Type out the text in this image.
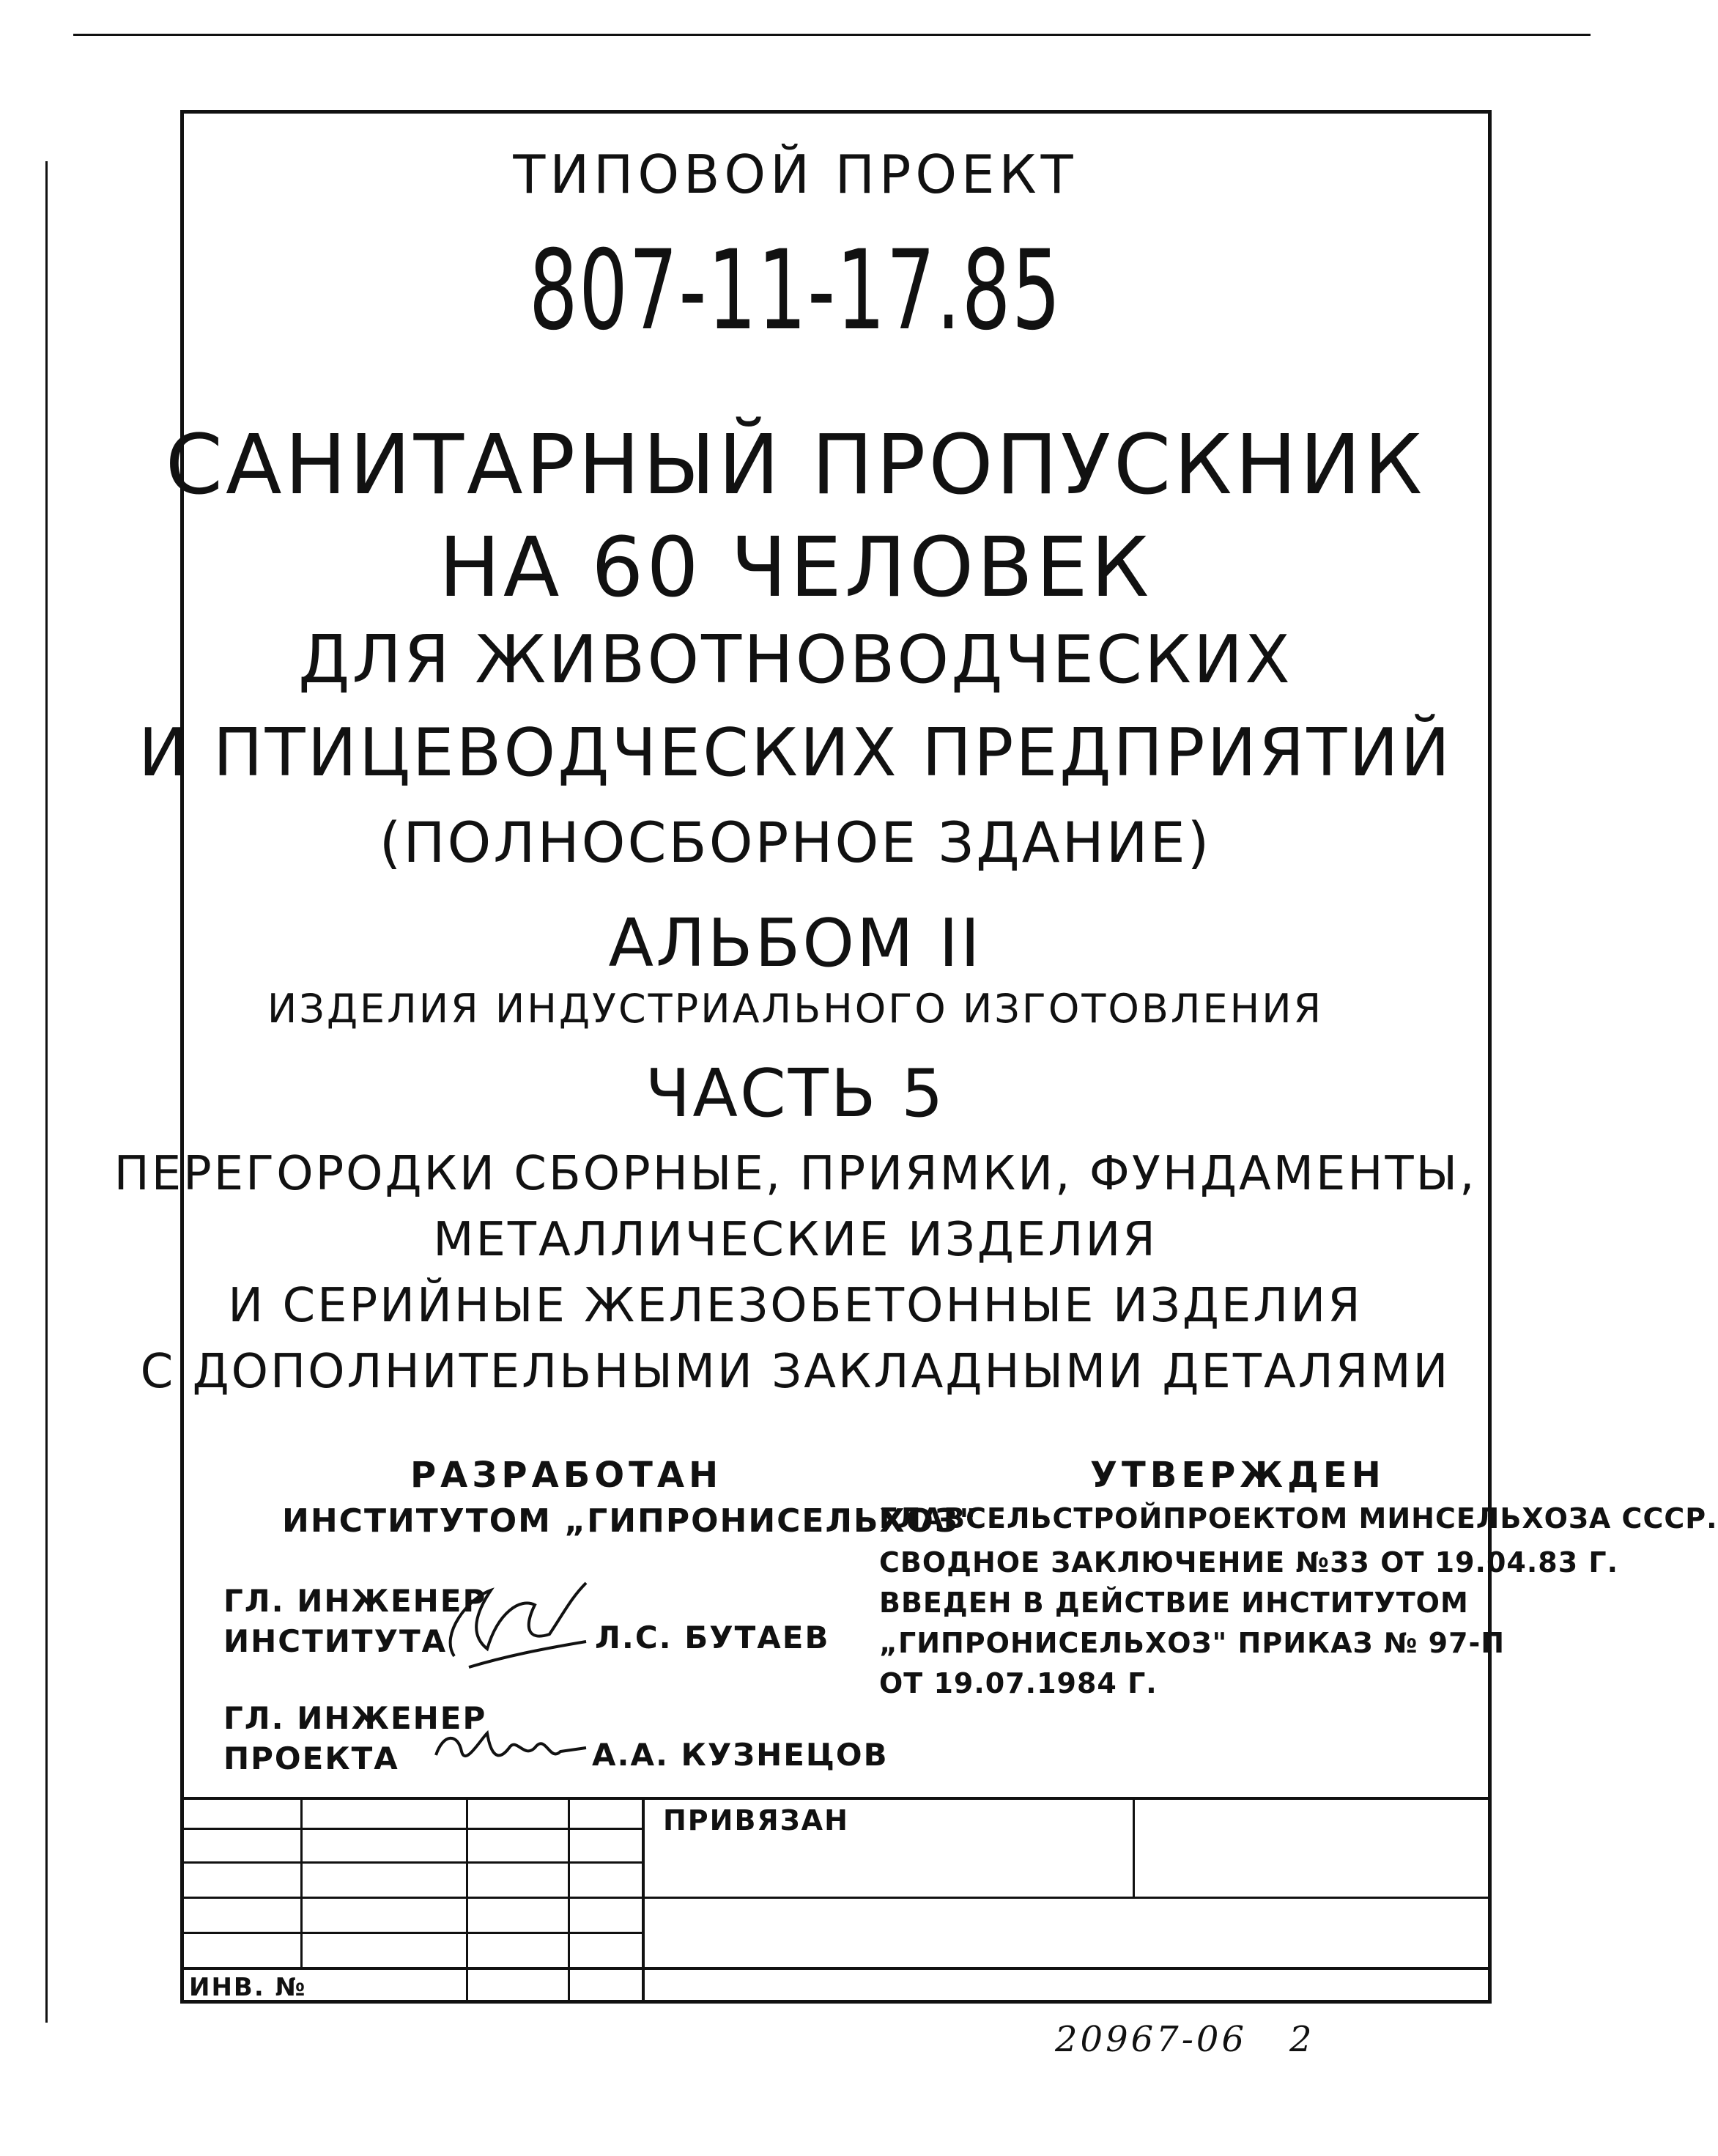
ТИПОВОЙ ПРОЕКТ
807-11-17.85
САНИТАРНЫЙ ПРОПУСКНИК
НА 60 ЧЕЛОВЕК
ДЛЯ ЖИВОТНОВОДЧЕСКИХ
И ПТИЦЕВОДЧЕСКИХ ПРЕДПРИЯТИЙ
(ПОЛНОСБОРНОЕ ЗДАНИЕ)
АЛЬБОМ II
ИЗДЕЛИЯ ИНДУСТРИАЛЬНОГО ИЗГОТОВЛЕНИЯ
ЧАСТЬ 5
ПЕРЕГОРОДКИ СБОРНЫЕ, ПРИЯМКИ, ФУНДАМЕНТЫ,
МЕТАЛЛИЧЕСКИЕ ИЗДЕЛИЯ
И СЕРИЙНЫЕ ЖЕЛЕЗОБЕТОННЫЕ ИЗДЕЛИЯ
С ДОПОЛНИТЕЛЬНЫМИ ЗАКЛАДНЫМИ ДЕТАЛЯМИ
РАЗРАБОТАН
ИНСТИТУТОМ „ГИПРОНИСЕЛЬХОЗ"
ГЛ. ИНЖЕНЕР
ИНСТИТУТА	Л.С. БУТАЕВ
ГЛ. ИНЖЕНЕР
ПРОЕКТА	А.А. КУЗНЕЦОВ
УТВЕРЖДЕН
ГЛАВСЕЛЬСТРОЙПРОЕКТОМ МИНСЕЛЬХОЗА СССР.
СВОДНОЕ ЗАКЛЮЧЕНИЕ №33 ОТ 19.04.83 Г.
ВВЕДЕН В ДЕЙСТВИЕ ИНСТИТУТОМ
„ГИПРОНИСЕЛЬХОЗ" ПРИКАЗ № 97-П
ОТ 19.07.1984 Г.
ПРИВЯЗАН
ИНВ. №
20967-06 2
